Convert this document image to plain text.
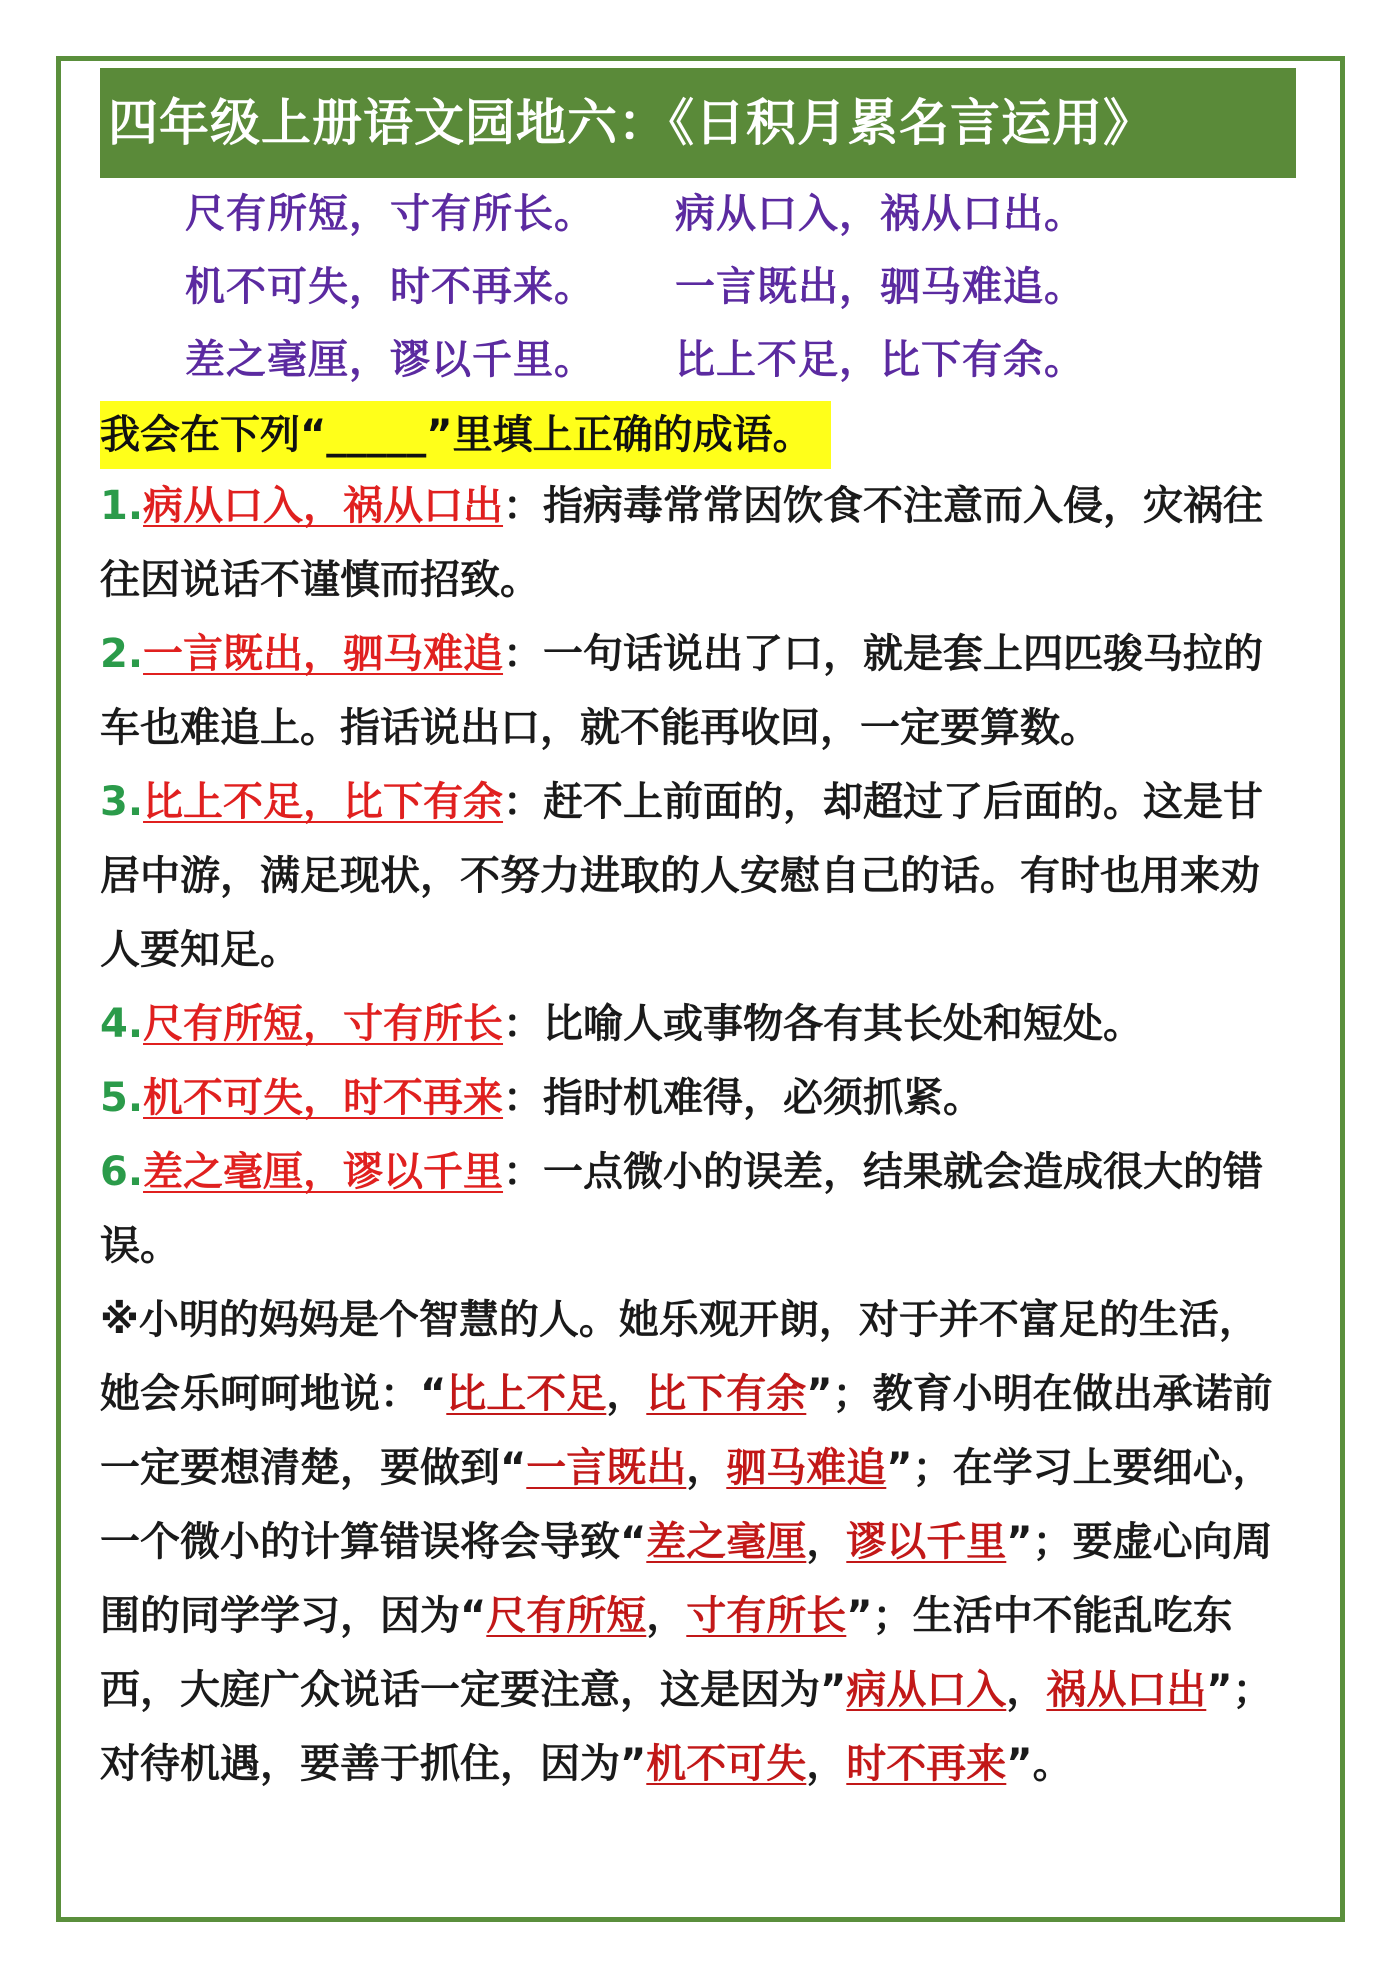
四年级上册语文园地六：《日积月累名言运用》
尺有所短，寸有所长。	病从口入，祸从口出。
机不可失，时不再来。	一言既出，驷马难追。
差之毫厘，谬以千里。	比上不足，比下有余。
我会在下列“_____”里填上正确的成语。

1.病从口入，祸从口出：指病毒常常因饮食不注意而入侵，灾祸往往因说话不谨慎而招致。

2.一言既出，驷马难追：一句话说出了口，就是套上四匹骏马拉的车也难追上。指话说出口，就不能再收回，一定要算数。

3.比上不足，比下有余：赶不上前面的，却超过了后面的。这是甘居中游，满足现状，不努力进取的人安慰自己的话。有时也用来劝人要知足。

4.尺有所短，寸有所长：比喻人或事物各有其长处和短处。

5.机不可失，时不再来：指时机难得，必须抓紧。

6.差之毫厘，谬以千里：一点微小的误差，结果就会造成很大的错误。

※小明的妈妈是个智慧的人。她乐观开朗，对于并不富足的生活，她会乐呵呵地说：“比上不足，比下有余”；教育小明在做出承诺前一定要想清楚，要做到“一言既出，驷马难追”；在学习上要细心，一个微小的计算错误将会导致“差之毫厘，谬以千里”；要虚心向周围的同学学习，因为“尺有所短，寸有所长”；生活中不能乱吃东西，大庭广众说话一定要注意，这是因为”病从口入，祸从口出”；对待机遇，要善于抓住，因为”机不可失，时不再来”。
